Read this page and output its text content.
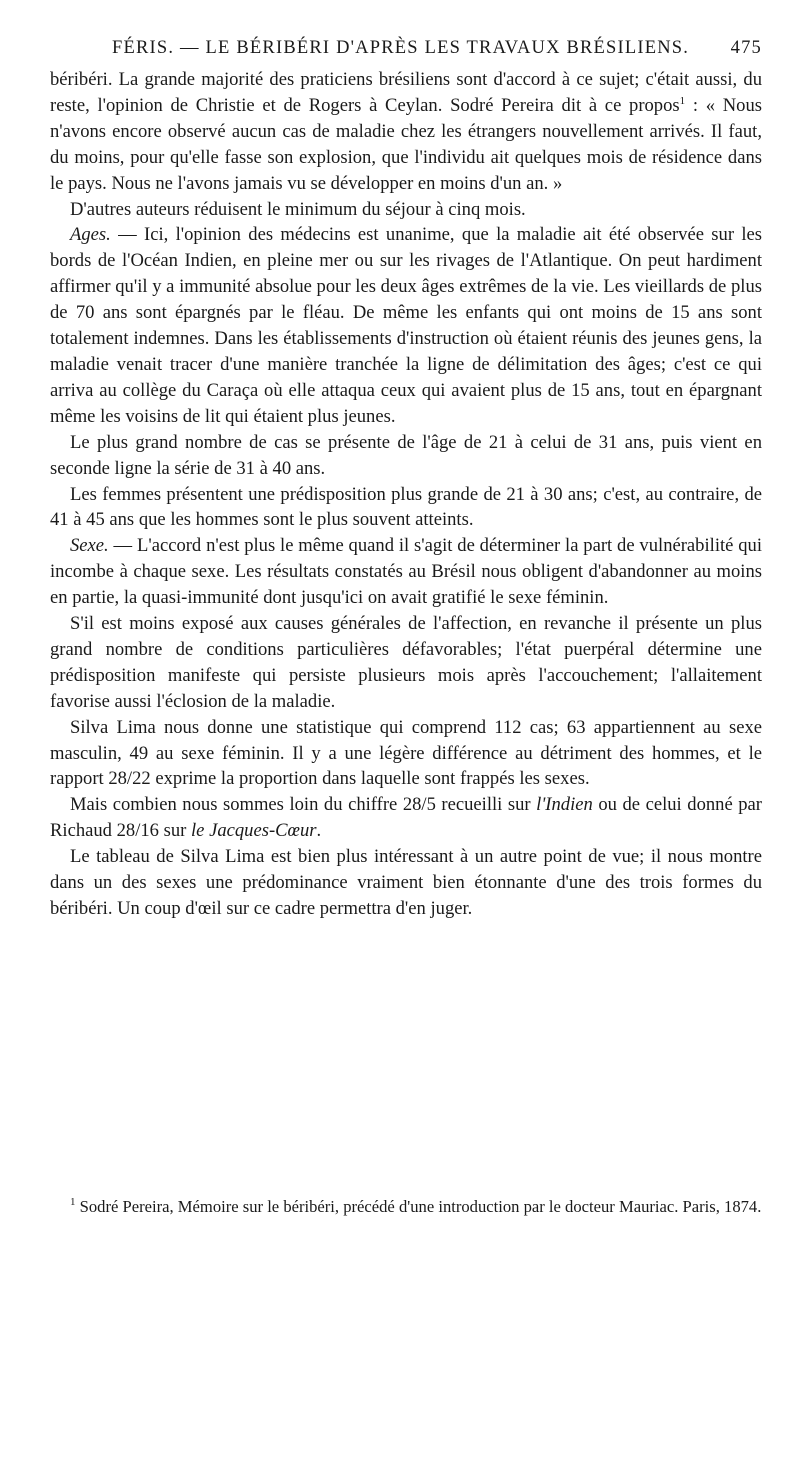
FÉRIS. — LE BÉRIBÉRI D'APRÈS LES TRAVAUX BRÉSILIENS.	475

béribéri. La grande majorité des praticiens brésiliens sont d'accord à ce sujet; c'était aussi, du reste, l'opinion de Christie et de Rogers à Ceylan. Sodré Pereira dit à ce propos$^1$ : « Nous n'avons encore observé aucun cas de maladie chez les étrangers nouvellement arrivés. Il faut, du moins, pour qu'elle fasse son explosion, que l'individu ait quelques mois de résidence dans le pays. Nous ne l'avons jamais vu se développer en moins d'un an. »

D'autres auteurs réduisent le minimum du séjour à cinq mois.

Ages. — Ici, l'opinion des médecins est unanime, que la maladie ait été observée sur les bords de l'Océan Indien, en pleine mer ou sur les rivages de l'Atlantique. On peut hardiment affirmer qu'il y a immunité absolue pour les deux âges extrêmes de la vie. Les vieillards de plus de 70 ans sont épargnés par le fléau. De même les enfants qui ont moins de 15 ans sont totalement indemnes. Dans les établissements d'instruction où étaient réunis des jeunes gens, la maladie venait tracer d'une manière tranchée la ligne de délimitation des âges; c'est ce qui arriva au collège du Caraça où elle attaqua ceux qui avaient plus de 15 ans, tout en épargnant même les voisins de lit qui étaient plus jeunes.

Le plus grand nombre de cas se présente de l'âge de 21 à celui de 31 ans, puis vient en seconde ligne la série de 31 à 40 ans.

Les femmes présentent une prédisposition plus grande de 21 à 30 ans; c'est, au contraire, de 41 à 45 ans que les hommes sont le plus souvent atteints.

Sexe. — L'accord n'est plus le même quand il s'agit de déterminer la part de vulnérabilité qui incombe à chaque sexe. Les résultats constatés au Brésil nous obligent d'abandonner au moins en partie, la quasi-immunité dont jusqu'ici on avait gratifié le sexe féminin.

S'il est moins exposé aux causes générales de l'affection, en revanche il présente un plus grand nombre de conditions particulières défavorables; l'état puerpéral détermine une prédisposition manifeste qui persiste plusieurs mois après l'accouchement; l'allaitement favorise aussi l'éclosion de la maladie.

Silva Lima nous donne une statistique qui comprend 112 cas; 63 appartiennent au sexe masculin, 49 au sexe féminin. Il y a une légère différence au détriment des hommes, et le rapport 28/22 exprime la proportion dans laquelle sont frappés les sexes.

Mais combien nous sommes loin du chiffre 28/5 recueilli sur l'Indien ou de celui donné par Richaud 28/16 sur le Jacques-Cœur.

Le tableau de Silva Lima est bien plus intéressant à un autre point de vue; il nous montre dans un des sexes une prédominance vraiment bien étonnante d'une des trois formes du béribéri. Un coup d'œil sur ce cadre permettra d'en juger.

$^1$ Sodré Pereira, Mémoire sur le béribéri, précédé d'une introduction par le docteur Mauriac. Paris, 1874.
